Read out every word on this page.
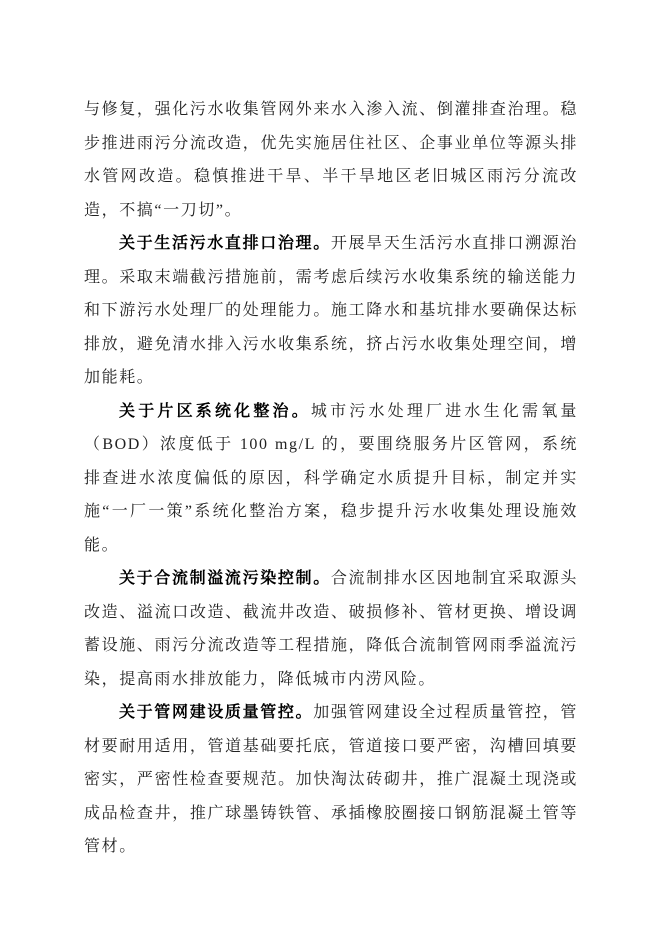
与修复，强化污水收集管网外来水入渗入流、倒灌排查治理。稳步推进雨污分流改造，优先实施居住社区、企事业单位等源头排水管网改造。稳慎推进干旱、半干旱地区老旧城区雨污分流改造，不搞“一刀切”。

关于生活污水直排口治理。开展旱天生活污水直排口溯源治理。采取末端截污措施前，需考虑后续污水收集系统的输送能力和下游污水处理厂的处理能力。施工降水和基坑排水要确保达标排放，避免清水排入污水收集系统，挤占污水收集处理空间，增加能耗。

关于片区系统化整治。城市污水处理厂进水生化需氧量（BOD）浓度低于 100 mg/L 的，要围绕服务片区管网，系统排查进水浓度偏低的原因，科学确定水质提升目标，制定并实施“一厂一策”系统化整治方案，稳步提升污水收集处理设施效能。

关于合流制溢流污染控制。合流制排水区因地制宜采取源头改造、溢流口改造、截流井改造、破损修补、管材更换、增设调蓄设施、雨污分流改造等工程措施，降低合流制管网雨季溢流污染，提高雨水排放能力，降低城市内涝风险。

关于管网建设质量管控。加强管网建设全过程质量管控，管材要耐用适用，管道基础要托底，管道接口要严密，沟槽回填要密实，严密性检查要规范。加快淘汰砖砌井，推广混凝土现浇或成品检查井，推广球墨铸铁管、承插橡胶圈接口钢筋混凝土管等管材。
